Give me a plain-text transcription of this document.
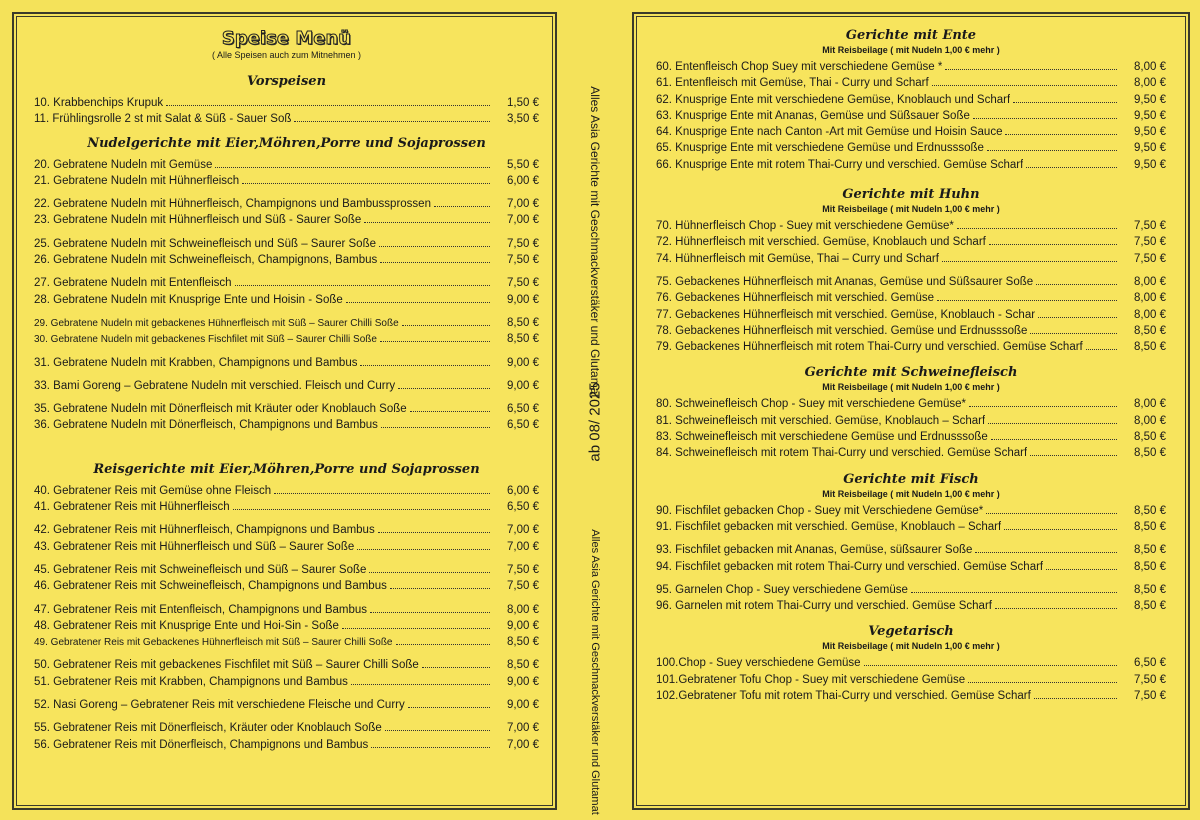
Speise Menü
( Alle Speisen auch zum Mitnehmen )
Vorspeisen
10. Krabbenchips Krupuk	1,50 €
11. Frühlingsrolle 2 st mit Salat & Süß - Sauer Soß	3,50 €
Nudelgerichte mit Eier,Möhren,Porre und Sojaprossen
20. Gebratene Nudeln mit Gemüse	5,50 €
21. Gebratene Nudeln mit Hühnerfleisch	6,00 €
22. Gebratene Nudeln mit Hühnerfleisch, Champignons und Bambussprossen	7,00 €
23. Gebratene Nudeln mit Hühnerfleisch und Süß - Saurer Soße	7,00 €
25. Gebratene Nudeln mit Schweinefleisch und Süß – Saurer Soße	7,50 €
26. Gebratene Nudeln mit Schweinefleisch, Champignons, Bambus	7,50 €
27. Gebratene Nudeln mit Entenfleisch	7,50 €
28. Gebratene Nudeln mit Knusprige Ente und Hoisin - Soße	9,00 €
29. Gebratene Nudeln mit gebackenes Hühnerfleisch mit Süß – Saurer Chilli Soße	8,50 €
30. Gebratene Nudeln mit gebackenes Fischfilet mit Süß – Saurer Chilli Soße	8,50 €
31. Gebratene Nudeln mit Krabben, Champignons und Bambus	9,00 €
33. Bami Goreng – Gebratene Nudeln mit verschied. Fleisch und Curry	9,00 €
35. Gebratene Nudeln mit Dönerfleisch mit Kräuter oder Knoblauch Soße	6,50 €
36. Gebratene Nudeln mit Dönerfleisch, Champignons und Bambus	6,50 €
Reisgerichte mit Eier,Möhren,Porre und Sojaprossen
40. Gebratener Reis mit Gemüse ohne Fleisch	6,00 €
41. Gebratener Reis mit Hühnerfleisch	6,50 €
42. Gebratener Reis mit Hühnerfleisch, Champignons und Bambus	7,00 €
43. Gebratener Reis mit Hühnerfleisch und Süß – Saurer Soße	7,00 €
45. Gebratener Reis mit Schweinefleisch und Süß – Saurer Soße	7,50 €
46. Gebratener Reis mit Schweinefleisch, Champignons und Bambus	7,50 €
47. Gebratener Reis mit Entenfleisch, Champignons und Bambus	8,00 €
48. Gebratener Reis mit Knusprige Ente und Hoi-Sin - Soße	9,00 €
49. Gebratener Reis mit Gebackenes Hühnerfleisch mit Süß – Saurer Chilli Soße	8,50 €
50. Gebratener Reis mit gebackenes Fischfilet mit Süß – Saurer Chilli Soße	8,50 €
51. Gebratener Reis mit Krabben, Champignons und Bambus	9,00 €
52. Nasi Goreng – Gebratener Reis mit verschiedene Fleische und Curry	9,00 €
55. Gebratener Reis mit Dönerfleisch, Kräuter oder Knoblauch Soße	7,00 €
56. Gebratener Reis mit Dönerfleisch, Champignons und Bambus	7,00 €
Alles Asia Gerichte mit Geschmackverstäker und Glutamat
ab 08/ 2025
Alles Asia Gerichte mit Geschmackverstäker und Glutamat
Gerichte mit Ente
Mit Reisbeilage ( mit Nudeln 1,00 € mehr )
60. Entenfleisch Chop Suey mit verschiedene Gemüse *	8,00 €
61. Entenfleisch mit Gemüse, Thai - Curry und Scharf	8,00 €
62. Knusprige Ente mit verschiedene Gemüse, Knoblauch und Scharf	9,50 €
63. Knusprige Ente mit Ananas, Gemüse und Süßsauer Soße	9,50 €
64. Knusprige Ente nach Canton -Art mit Gemüse und Hoisin Sauce	9,50 €
65. Knusprige Ente mit verschiedene Gemüse und Erdnusssoße	9,50 €
66. Knusprige Ente mit rotem Thai-Curry und verschied. Gemüse Scharf	9,50 €
Gerichte mit Huhn
Mit Reisbeilage ( mit Nudeln 1,00 € mehr )
70. Hühnerfleisch Chop - Suey mit verschiedene Gemüse*	7,50 €
72. Hühnerfleisch mit verschied. Gemüse, Knoblauch und Scharf	7,50 €
74. Hühnerfleisch mit Gemüse, Thai – Curry und Scharf	7,50 €
75. Gebackenes Hühnerfleisch mit Ananas, Gemüse und Süßsaurer Soße	8,00 €
76. Gebackenes Hühnerfleisch mit verschied. Gemüse	8,00 €
77. Gebackenes Hühnerfleisch mit verschied. Gemüse, Knoblauch - Schar	8,00 €
78. Gebackenes Hühnerfleisch mit verschied. Gemüse und Erdnusssoße	8,50 €
79. Gebackenes Hühnerfleisch mit rotem Thai-Curry und verschied. Gemüse Scharf	8,50 €
Gerichte mit Schweinefleisch
Mit Reisbeilage ( mit Nudeln 1,00 € mehr )
80. Schweinefleisch Chop - Suey mit verschiedene Gemüse*	8,00 €
81. Schweinefleisch mit verschied. Gemüse, Knoblauch – Scharf	8,00 €
83. Schweinefleisch mit verschiedene Gemüse und Erdnusssoße	8,50 €
84. Schweinefleisch mit rotem Thai-Curry und verschied. Gemüse Scharf	8,50 €
Gerichte mit Fisch
Mit Reisbeilage ( mit Nudeln 1,00 € mehr )
90. Fischfilet gebacken Chop - Suey mit Verschiedene Gemüse*	8,50 €
91. Fischfilet gebacken mit verschied. Gemüse, Knoblauch – Scharf	8,50 €
93. Fischfilet gebacken mit Ananas, Gemüse, süßsaurer Soße	8,50 €
94. Fischfilet gebacken mit rotem Thai-Curry und verschied. Gemüse Scharf	8,50 €
95. Garnelen Chop - Suey verschiedene Gemüse	8,50 €
96. Garnelen mit rotem Thai-Curry und verschied. Gemüse Scharf	8,50 €
Vegetarisch
Mit Reisbeilage ( mit Nudeln 1,00 € mehr )
100.Chop - Suey verschiedene Gemüse	6,50 €
101.Gebratener Tofu Chop - Suey mit verschiedene Gemüse	7,50 €
102.Gebratener Tofu mit rotem Thai-Curry und verschied. Gemüse Scharf	7,50 €
